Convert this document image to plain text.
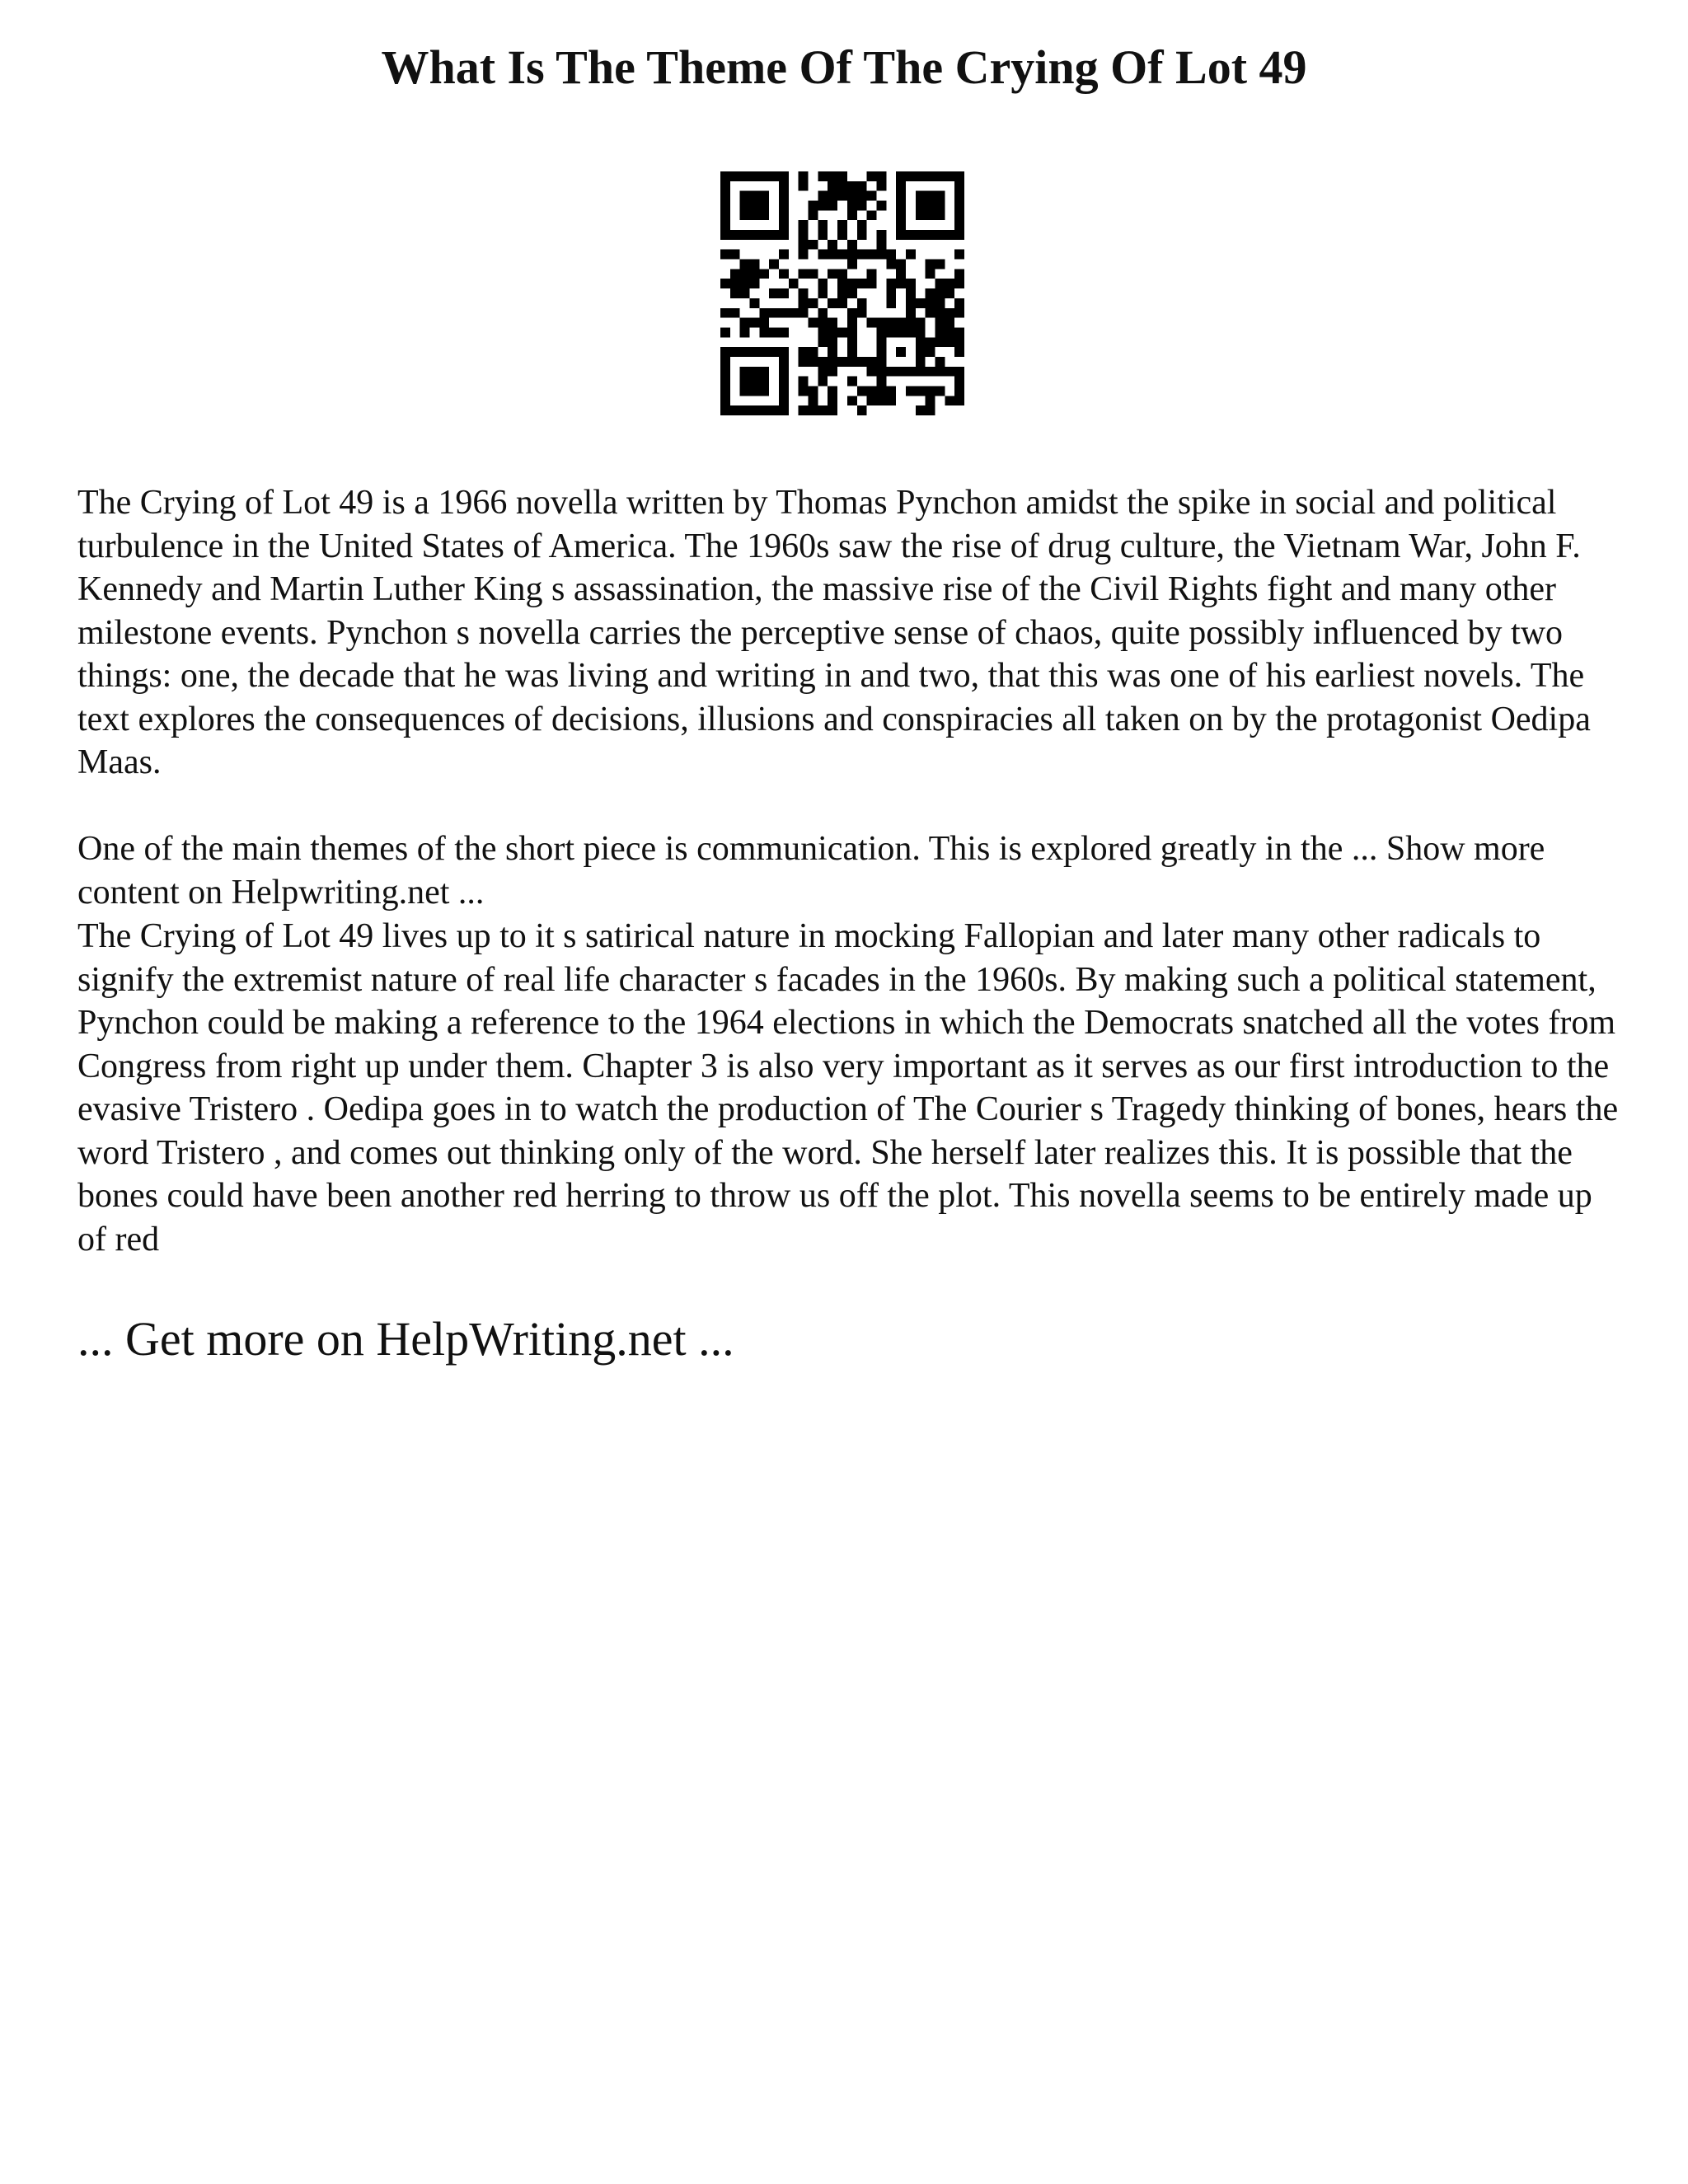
What Is The Theme Of The Crying Of Lot 49

The Crying of Lot 49 is a 1966 novella written by Thomas Pynchon amidst the spike in social and political turbulence in the United States of America. The 1960s saw the rise of drug culture, the Vietnam War, John F. Kennedy and Martin Luther King s assassination, the massive rise of the Civil Rights fight and many other milestone events. Pynchon s novella carries the perceptive sense of chaos, quite possibly influenced by two things: one, the decade that he was living and writing in and two, that this was one of his earliest novels. The text explores the consequences of decisions, illusions and conspiracies all taken on by the protagonist Oedipa Maas.

One of the main themes of the short piece is communication. This is explored greatly in the ... Show more content on Helpwriting.net ...

The Crying of Lot 49 lives up to it s satirical nature in mocking Fallopian and later many other radicals to signify the extremist nature of real life character s facades in the 1960s. By making such a political statement, Pynchon could be making a reference to the 1964 elections in which the Democrats snatched all the votes from Congress from right up under them. Chapter 3 is also very important as it serves as our first introduction to the evasive Tristero . Oedipa goes in to watch the production of The Courier s Tragedy thinking of bones, hears the word Tristero , and comes out thinking only of the word. She herself later realizes this. It is possible that the bones could have been another red herring to throw us off the plot. This novella seems to be entirely made up of red

... Get more on HelpWriting.net ...
